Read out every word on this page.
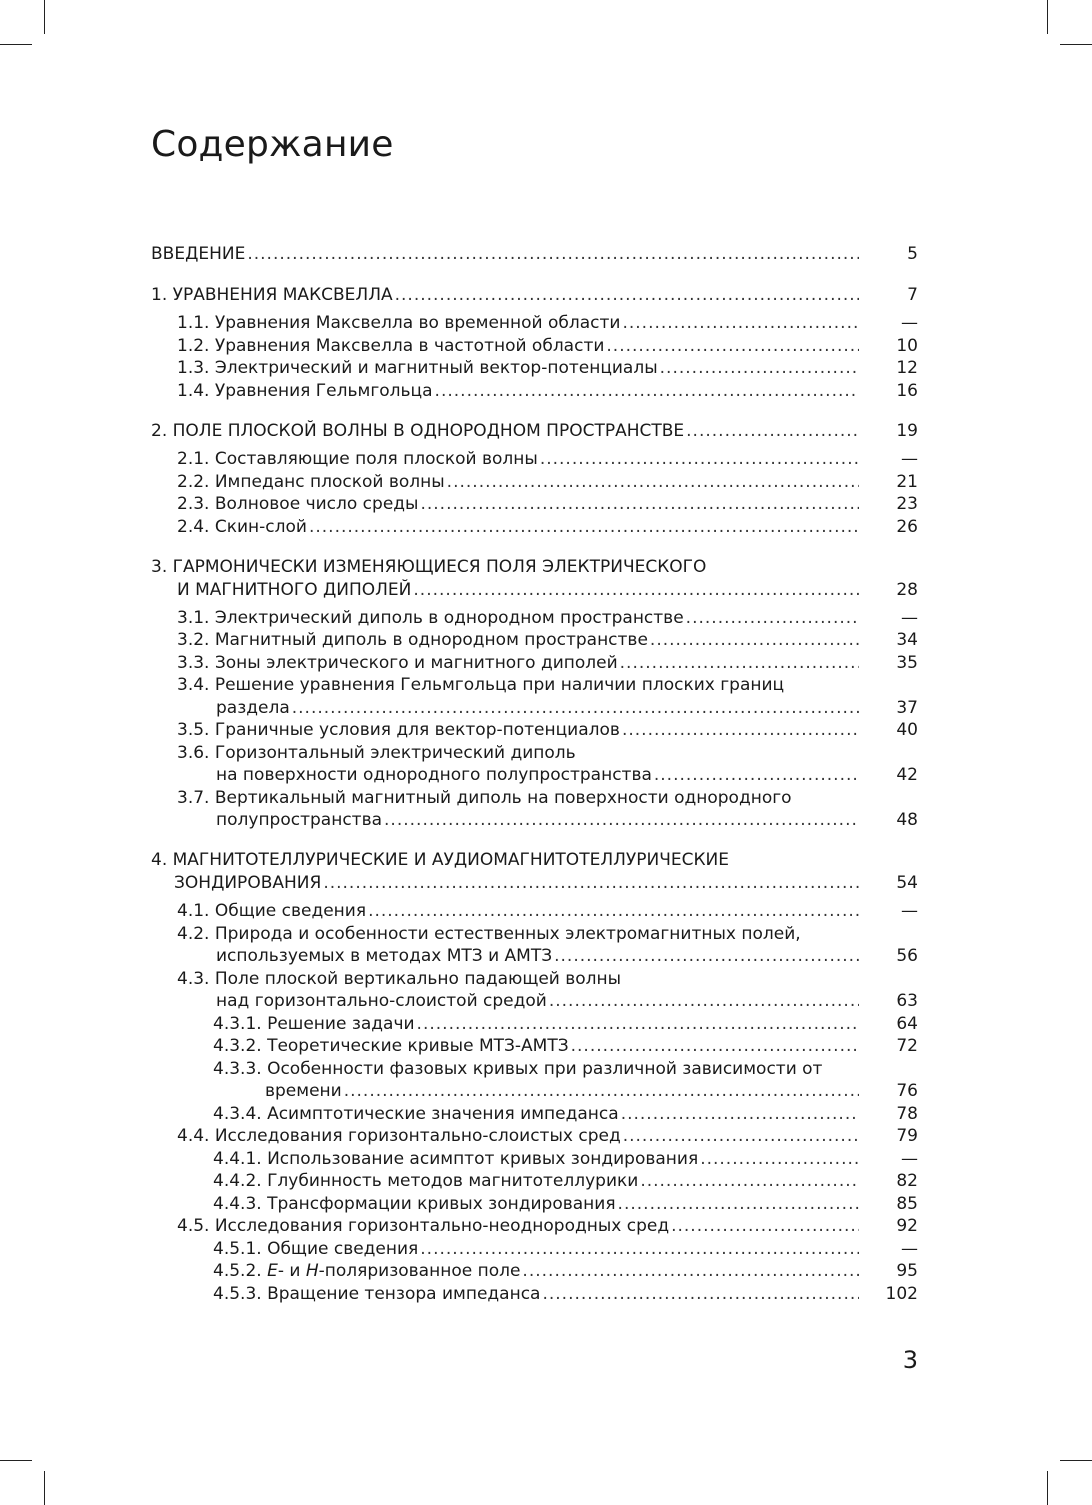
Содержание
ВВЕДЕНИЕ .....	5
1. УРАВНЕНИЯ МАКСВЕЛЛА .....	7
1.1. Уравнения Максвелла во временной области .....	—
1.2. Уравнения Максвелла в частотной области .....	10
1.3. Электрический и магнитный вектор-потенциалы .....	12
1.4. Уравнения Гельмгольца .....	16
2. ПОЛЕ ПЛОСКОЙ ВОЛНЫ В ОДНОРОДНОМ ПРОСТРАНСТВЕ .....	19
2.1. Составляющие поля плоской волны .....	—
2.2. Импеданс плоской волны .....	21
2.3. Волновое число среды .....	23
2.4. Скин-слой .....	26
3. ГАРМОНИЧЕСКИ ИЗМЕНЯЮЩИЕСЯ ПОЛЯ ЭЛЕКТРИЧЕСКОГО
И МАГНИТНОГО ДИПОЛЕЙ .....	28
3.1. Электрический диполь в однородном пространстве .....	—
3.2. Магнитный диполь в однородном пространстве .....	34
3.3. Зоны электрического и магнитного диполей .....	35
3.4. Решение уравнения Гельмгольца при наличии плоских границ
раздела .....	37
3.5. Граничные условия для вектор-потенциалов .....	40
3.6. Горизонтальный электрический диполь
на поверхности однородного полупространства .....	42
3.7. Вертикальный магнитный диполь на поверхности однородного
полупространства .....	48
4. МАГНИТОТЕЛЛУРИЧЕСКИЕ И АУДИОМАГНИТОТЕЛЛУРИЧЕСКИЕ
ЗОНДИРОВАНИЯ .....	54
4.1. Общие сведения .....	—
4.2. Природа и особенности естественных электромагнитных полей,
используемых в методах МТЗ и АМТЗ .....	56
4.3. Поле плоской вертикально падающей волны
над горизонтально-слоистой средой .....	63
4.3.1. Решение задачи .....	64
4.3.2. Теоретические кривые МТЗ-АМТЗ .....	72
4.3.3. Особенности фазовых кривых при различной зависимости от
времени .....	76
4.3.4. Асимптотические значения импеданса .....	78
4.4. Исследования горизонтально-слоистых сред .....	79
4.4.1. Использование асимптот кривых зондирования .....	—
4.4.2. Глубинность методов магнитотеллурики .....	82
4.4.3. Трансформации кривых зондирования .....	85
4.5. Исследования горизонтально-неоднородных сред .....	92
4.5.1. Общие сведения .....	—
4.5.2. E- и H-поляризованное поле .....	95
4.5.3. Вращение тензора импеданса .....	102
3
